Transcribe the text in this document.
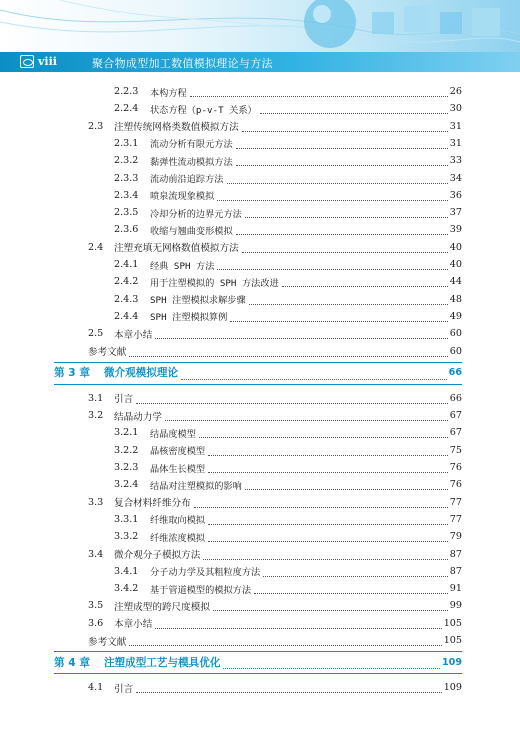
viii	聚合物成型加工数值模拟理论与方法
2.2.3	本构方程	26
2.2.4	状态方程（p-v-T 关系）	30
2.3	注塑传统网格类数值模拟方法	31
2.3.1	流动分析有限元方法	31
2.3.2	黏弹性流动模拟方法	33
2.3.3	流动前沿追踪方法	34
2.3.4	喷泉流现象模拟	36
2.3.5	冷却分析的边界元方法	37
2.3.6	收缩与翘曲变形模拟	39
2.4	注塑充填无网格数值模拟方法	40
2.4.1	经典 SPH 方法	40
2.4.2	用于注塑模拟的 SPH 方法改进	44
2.4.3	SPH 注塑模拟求解步骤	48
2.4.4	SPH 注塑模拟算例	49
2.5	本章小结	60
参考文献	60
第 3 章	微介观模拟理论	66
3.1	引言	66
3.2	结晶动力学	67
3.2.1	结晶度模型	67
3.2.2	晶核密度模型	75
3.2.3	晶体生长模型	76
3.2.4	结晶对注塑模拟的影响	76
3.3	复合材料纤维分布	77
3.3.1	纤维取向模拟	77
3.3.2	纤维浓度模拟	79
3.4	微介观分子模拟方法	87
3.4.1	分子动力学及其粗粒度方法	87
3.4.2	基于管道模型的模拟方法	91
3.5	注塑成型的跨尺度模拟	99
3.6	本章小结	105
参考文献	105
第 4 章	注塑成型工艺与模具优化	109
4.1	引言	109
